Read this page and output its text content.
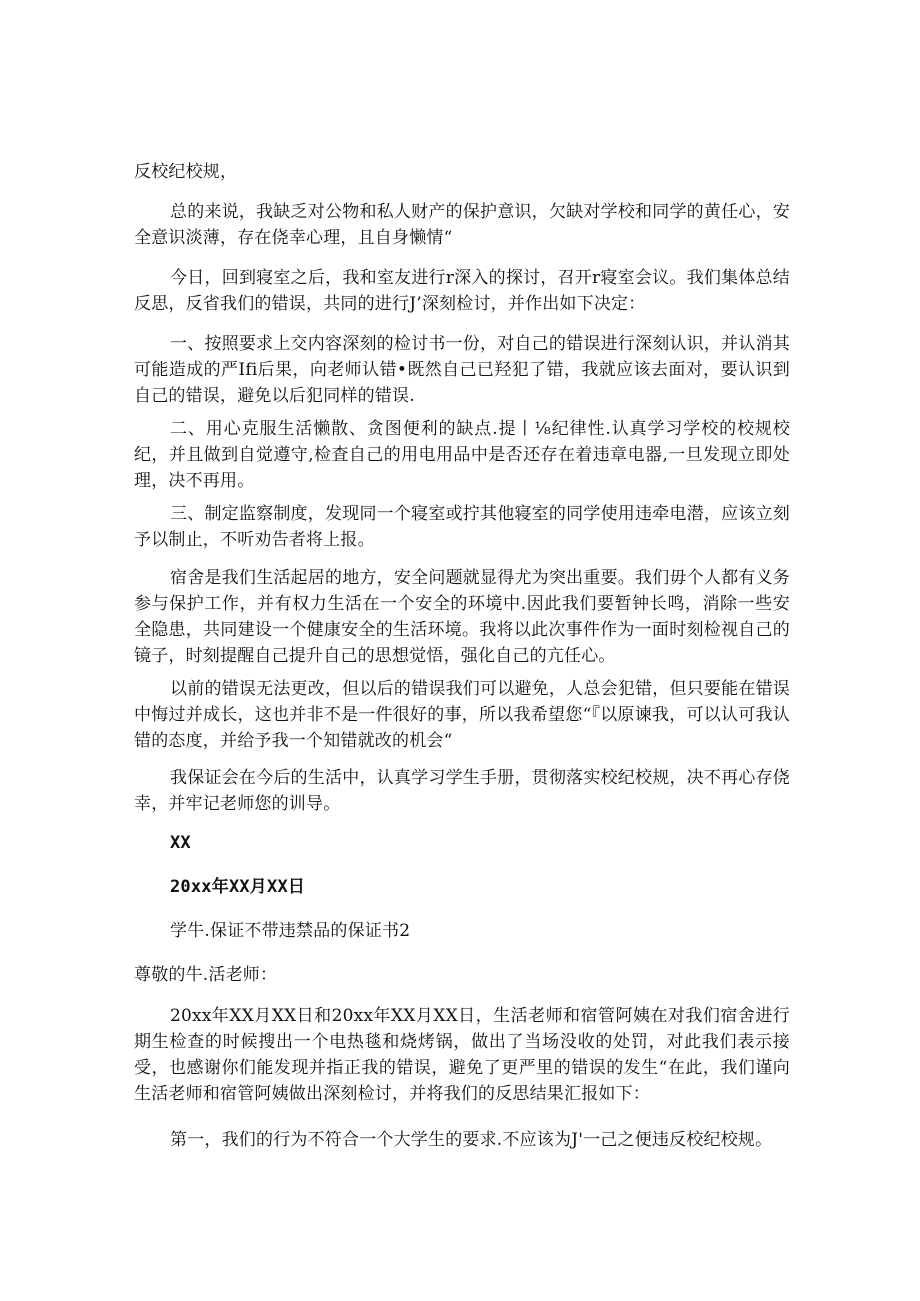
反校纪校规，

总的来说，我缺乏对公物和私人财产的保护意识，欠缺对学校和同学的黄任心，安全意识淡薄，存在侥幸心理，且自身懒情“

今日，回到寝室之后，我和室友进行r深入的探讨，召开r寝室会议。我们集体总结反思，反省我们的错误，共同的进行J’深刻检讨，并作出如下决定：

一、按照要求上交内容深刻的检讨书一份，对自己的错误进行深刻认识，并认消其可能造成的严Ifi后果，向老师认错•既然自己已羟犯了错，我就应该去面对，要认识到自己的错误，避免以后犯同样的错误.

二、用心克服生活懒散、贪图便利的缺点.提丨⅛纪律性.认真学习学校的校规校纪，并且做到自觉遵守,检査自己的用电用品中是否还存在着违章电器,一旦发现立即处理，决不再用。

三、制定监察制度，发现同一个寝室或拧其他寝室的同学使用违牵电潜，应该立刻予以制止，不听劝告者将上报。

宿舍是我们生活起居的地方，安全问题就显得尤为突出重要。我们毋个人都有义务参与保护工作，并有权力生活在一个安全的环境中.因此我们要暂钟长鸣，消除一些安全隐患，共同建设一个健康安全的生活环境。我将以此次事件作为一面时刻检视自己的镜子，时刻提醒自己提升自己的思想觉悟，强化自己的亢任心。

以前的错误无法更改，但以后的错误我们可以避免，人总会犯错，但只要能在错误中悔过并成长，这也并非不是一件很好的事，所以我希望您“『以原谏我，可以认可我认错的态度，并给予我一个知错就改的机会“

我保证会在今后的生活中，认真学习学生手册，贯彻落实校纪校规，决不再心存侥幸，并牢记老师您的训导。

XX

20xx年XX月XX日

学牛.保证不带违禁品的保证书2

尊敬的牛.活老师：

20xx年XX月XX日和20xx年XX月XX日，生活老师和宿管阿姨在对我们宿舍进行期生检查的时候搜出一个电热毯和烧烤锅，做出了当场没收的处罚，对此我们表示接受，也感谢你们能发现并指正我的错误，避免了更严里的错误的发生“在此，我们谨向生活老师和宿管阿姨做出深刻检讨，并将我们的反思结果汇报如下：

第一，我们的行为不符合一个大学生的要求.不应该为J'一己之便违反校纪校规。
